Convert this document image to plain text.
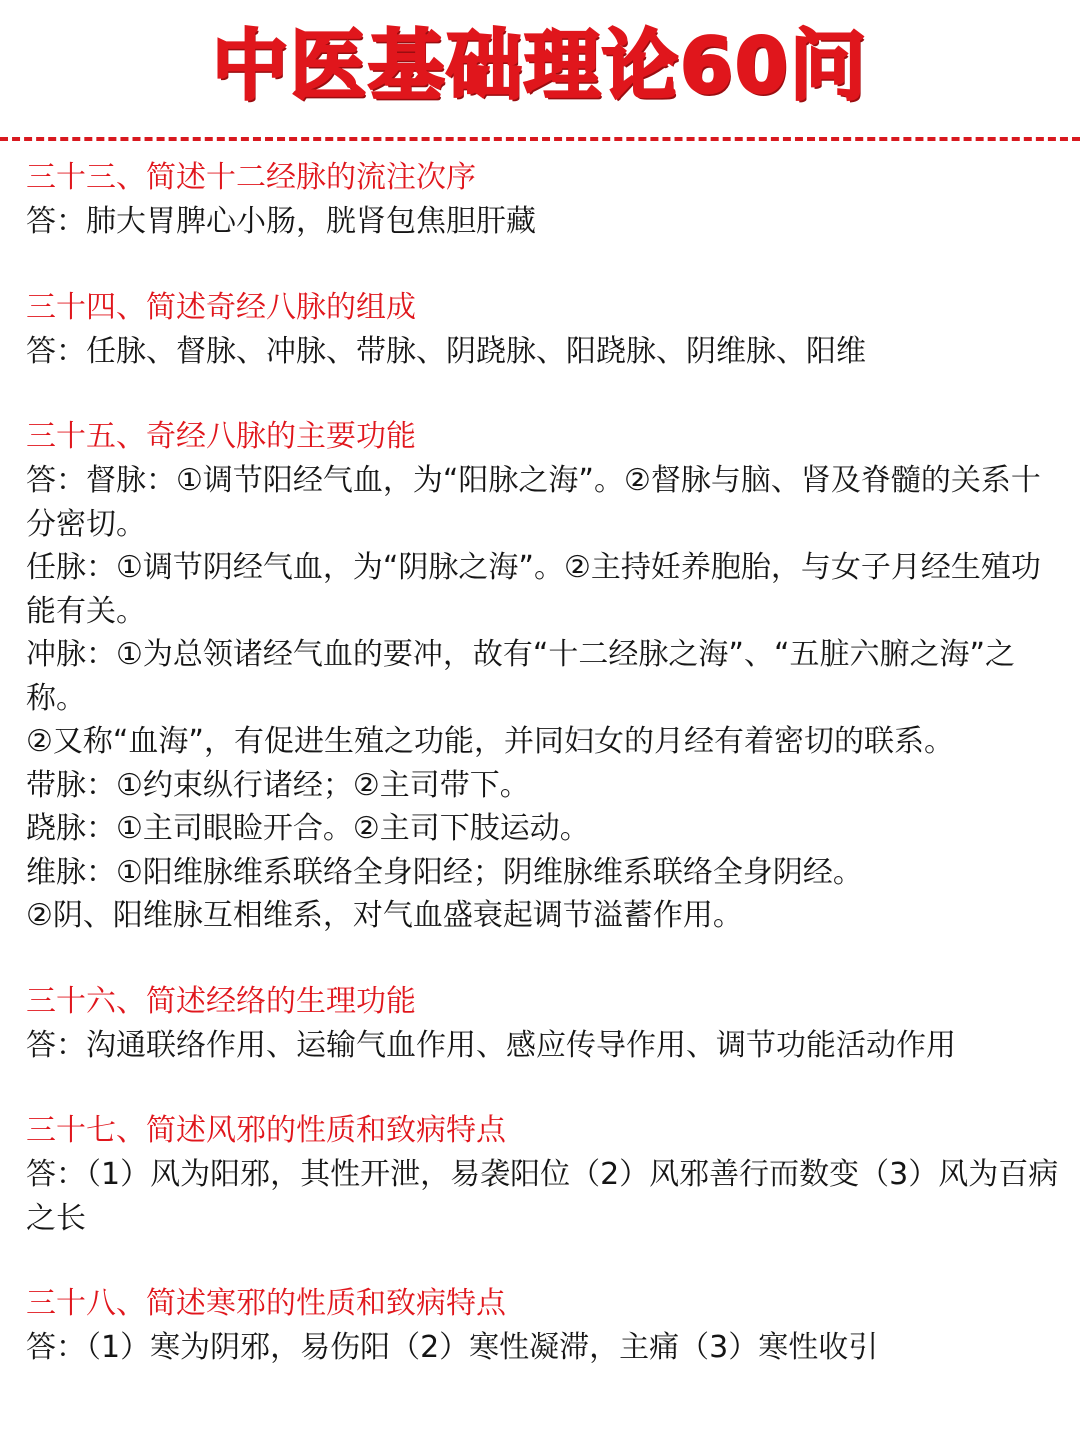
中医基础理论60问
三十三、简述十二经脉的流注次序

答：肺大胃脾心小肠，胱肾包焦胆肝藏

三十四、简述奇经八脉的组成

答：任脉、督脉、冲脉、带脉、阴跷脉、阳跷脉、阴维脉、阳维

三十五、奇经八脉的主要功能

答：督脉：①调节阳经气血，为“阳脉之海”。②督脉与脑、肾及脊髓的关系十分密切。

任脉：①调节阴经气血，为“阴脉之海”。②主持妊养胞胎，与女子月经生殖功能有关。

冲脉：①为总领诸经气血的要冲，故有“十二经脉之海”、“五脏六腑之海”之称。

②又称“血海”，有促进生殖之功能，并同妇女的月经有着密切的联系。

带脉：①约束纵行诸经；②主司带下。

跷脉：①主司眼睑开合。②主司下肢运动。

维脉：①阳维脉维系联络全身阳经；阴维脉维系联络全身阴经。

②阴、阳维脉互相维系，对气血盛衰起调节溢蓄作用。

三十六、简述经络的生理功能

答：沟通联络作用、运输气血作用、感应传导作用、调节功能活动作用

三十七、简述风邪的性质和致病特点

答：（1）风为阳邪，其性开泄，易袭阳位（2）风邪善行而数变（3）风为百病之长

三十八、简述寒邪的性质和致病特点

答：（1）寒为阴邪，易伤阳（2）寒性凝滞，主痛（3）寒性收引
